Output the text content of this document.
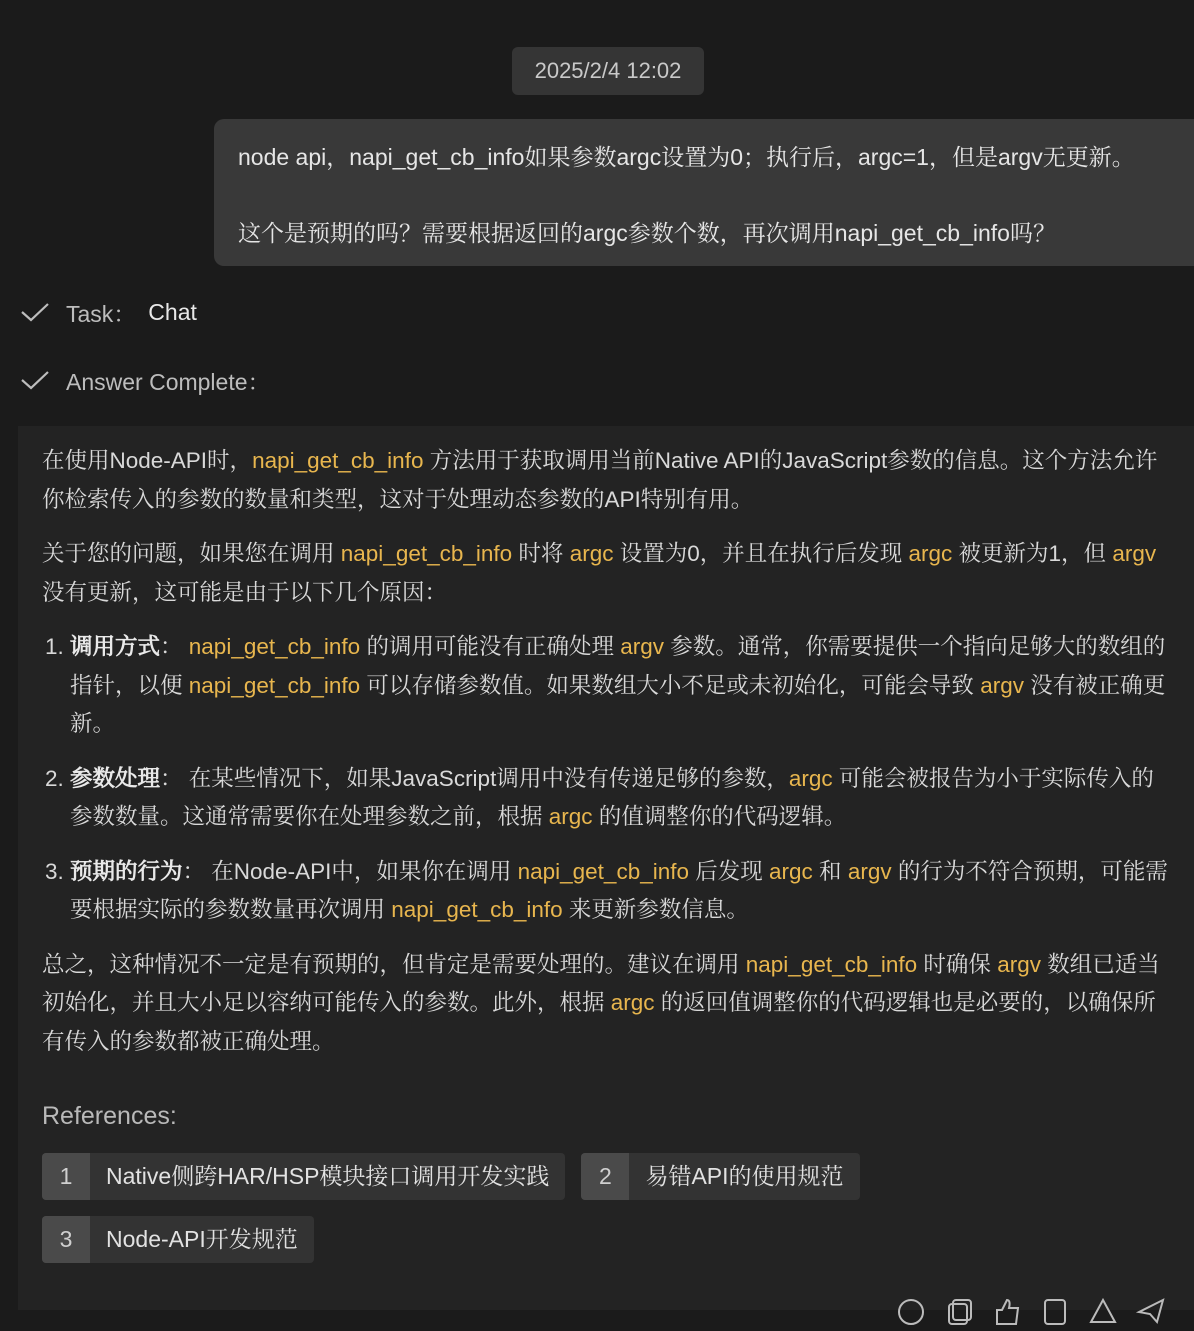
2025/2/4 12:02

node api，napi_get_cb_info如果参数argc设置为0；执行后，argc=1，但是argv无更新。

这个是预期的吗？需要根据返回的argc参数个数，再次调用napi_get_cb_info吗？

Task： Chat
Answer Complete：

在使用Node-API时，napi_get_cb_info 方法用于获取调用当前Native API的JavaScript参数的信息。这个方法允许你检索传入的参数的数量和类型，这对于处理动态参数的API特别有用。

关于您的问题，如果您在调用 napi_get_cb_info 时将 argc 设置为0，并且在执行后发现 argc 被更新为1，但 argv 没有更新，这可能是由于以下几个原因：

1. 调用方式： napi_get_cb_info 的调用可能没有正确处理 argv 参数。通常，你需要提供一个指向足够大的数组的指针，以便 napi_get_cb_info 可以存储参数值。如果数组大小不足或未初始化，可能会导致 argv 没有被正确更新。
2. 参数处理： 在某些情况下，如果JavaScript调用中没有传递足够的参数，argc 可能会被报告为小于实际传入的参数数量。这通常需要你在处理参数之前，根据 argc 的值调整你的代码逻辑。
3. 预期的行为： 在Node-API中，如果你在调用 napi_get_cb_info 后发现 argc 和 argv 的行为不符合预期，可能需要根据实际的参数数量再次调用 napi_get_cb_info 来更新参数信息。

总之，这种情况不一定是有预期的，但肯定是需要处理的。建议在调用 napi_get_cb_info 时确保 argv 数组已适当初始化，并且大小足以容纳可能传入的参数。此外，根据 argc 的返回值调整你的代码逻辑也是必要的，以确保所有传入的参数都被正确处理。

References:
1	Native侧跨HAR/HSP模块接口调用开发实践	2	易错API的使用规范
3	Node-API开发规范
